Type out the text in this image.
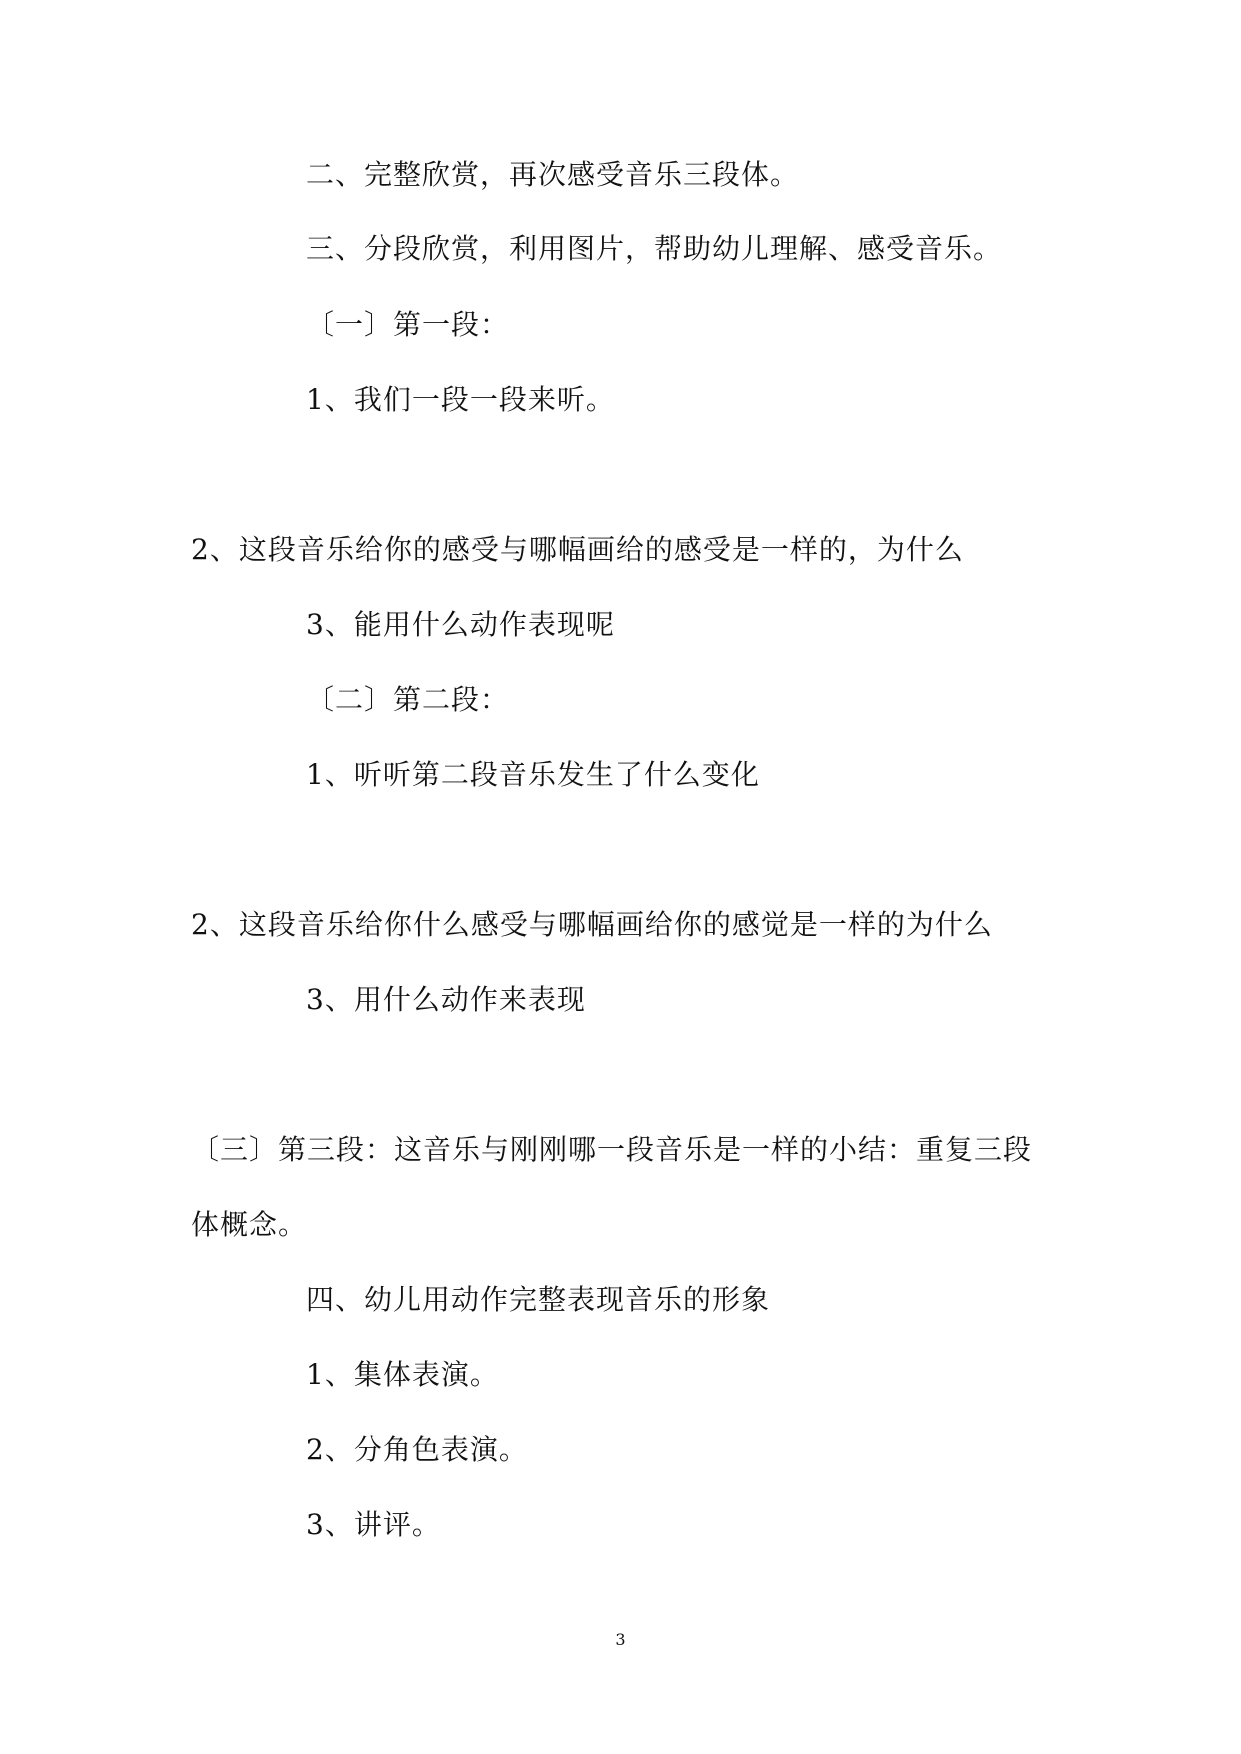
二、完整欣赏，再次感受音乐三段体。
三、分段欣赏，利用图片，帮助幼儿理解、感受音乐。
〔一〕第一段：
1、我们一段一段来听。
2、这段音乐给你的感受与哪幅画给的感受是一样的，为什么
3、能用什么动作表现呢
〔二〕第二段：
1、听听第二段音乐发生了什么变化
2、这段音乐给你什么感受与哪幅画给你的感觉是一样的为什么
3、用什么动作来表现
〔三〕第三段：这音乐与刚刚哪一段音乐是一样的小结：重复三段
体概念。
四、幼儿用动作完整表现音乐的形象
1、集体表演。
2、分角色表演。
3、讲评。
3
